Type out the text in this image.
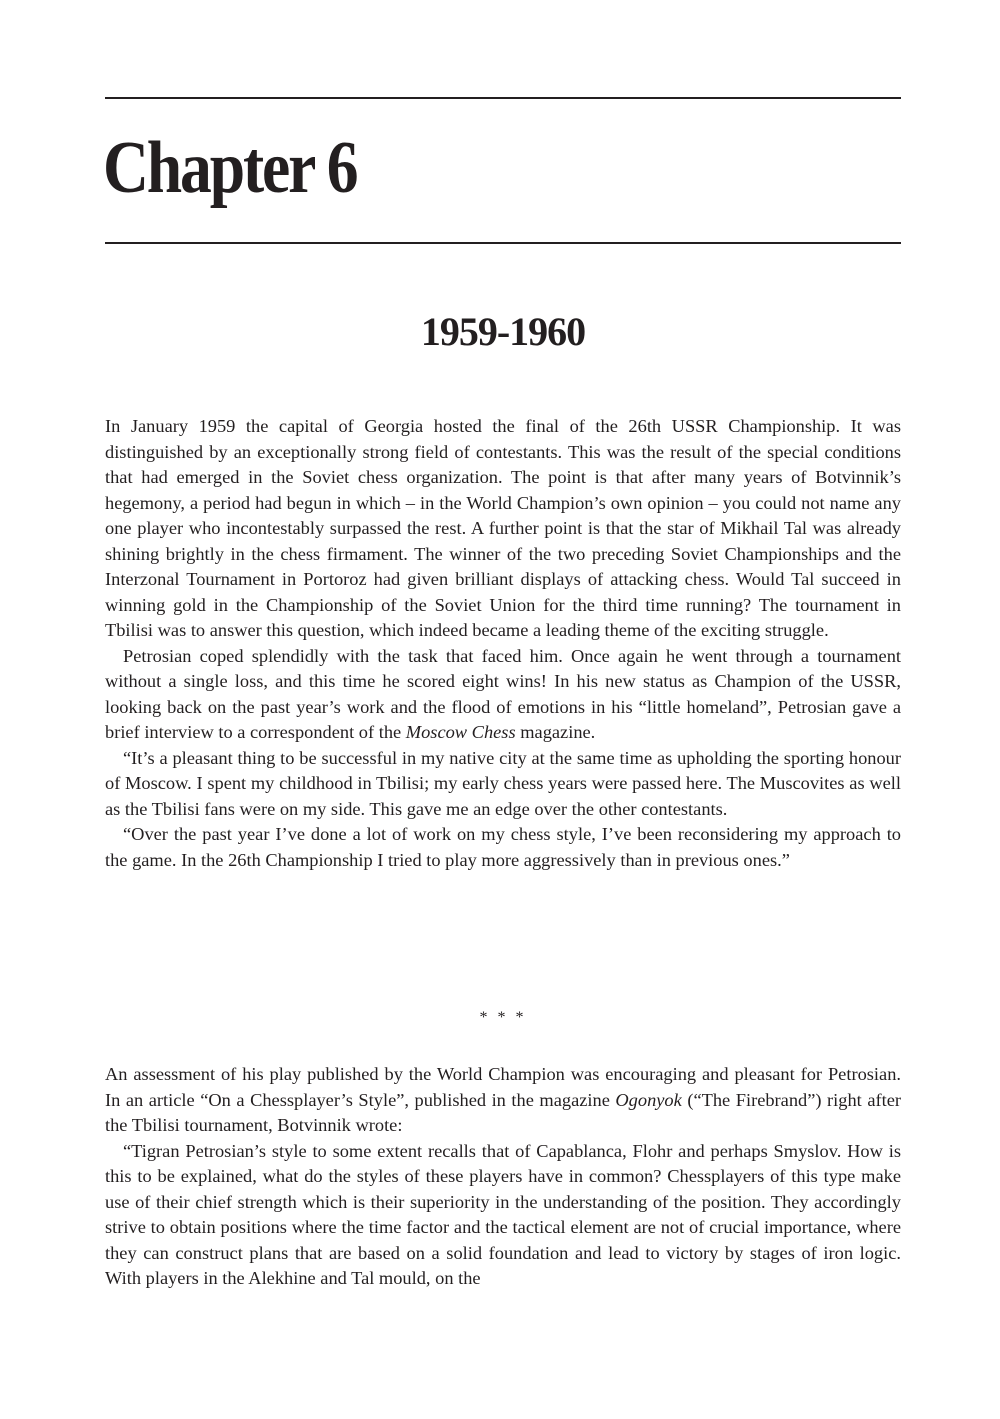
Chapter 6
1959-1960

In January 1959 the capital of Georgia hosted the final of the 26th USSR Championship. It was distinguished by an exceptionally strong field of contestants. This was the result of the special conditions that had emerged in the Soviet chess organization. The point is that after many years of Botvinnik’s hegemony, a period had begun in which – in the World Champion’s own opinion – you could not name any one player who incontestably surpassed the rest. A further point is that the star of Mikhail Tal was already shining brightly in the chess firmament. The winner of the two preceding Soviet Championships and the Interzonal Tournament in Portoroz had given brilliant displays of attacking chess. Would Tal succeed in winning gold in the Championship of the Soviet Union for the third time running? The tournament in Tbilisi was to answer this question, which indeed became a leading theme of the exciting struggle.

Petrosian coped splendidly with the task that faced him. Once again he went through a tournament without a single loss, and this time he scored eight wins! In his new status as Champion of the USSR, looking back on the past year’s work and the flood of emotions in his “little homeland”, Petrosian gave a brief interview to a correspondent of the Moscow Chess magazine.

“It’s a pleasant thing to be successful in my native city at the same time as upholding the sporting honour of Moscow. I spent my childhood in Tbilisi; my early chess years were passed here. The Muscovites as well as the Tbilisi fans were on my side. This gave me an edge over the other contestants.

“Over the past year I’ve done a lot of work on my chess style, I’ve been reconsidering my approach to the game. In the 26th Championship I tried to play more aggressively than in previous ones.”

* * *

An assessment of his play published by the World Champion was encouraging and pleasant for Petrosian. In an article “On a Chessplayer’s Style”, published in the magazine Ogonyok (“The Firebrand”) right after the Tbilisi tournament, Botvinnik wrote:

“Tigran Petrosian’s style to some extent recalls that of Capablanca, Flohr and perhaps Smyslov. How is this to be explained, what do the styles of these players have in common? Chessplayers of this type make use of their chief strength which is their superiority in the understanding of the position. They accordingly strive to obtain positions where the time factor and the tactical element are not of crucial importance, where they can construct plans that are based on a solid foundation and lead to victory by stages of iron logic. With players in the Alekhine and Tal mould, on the
